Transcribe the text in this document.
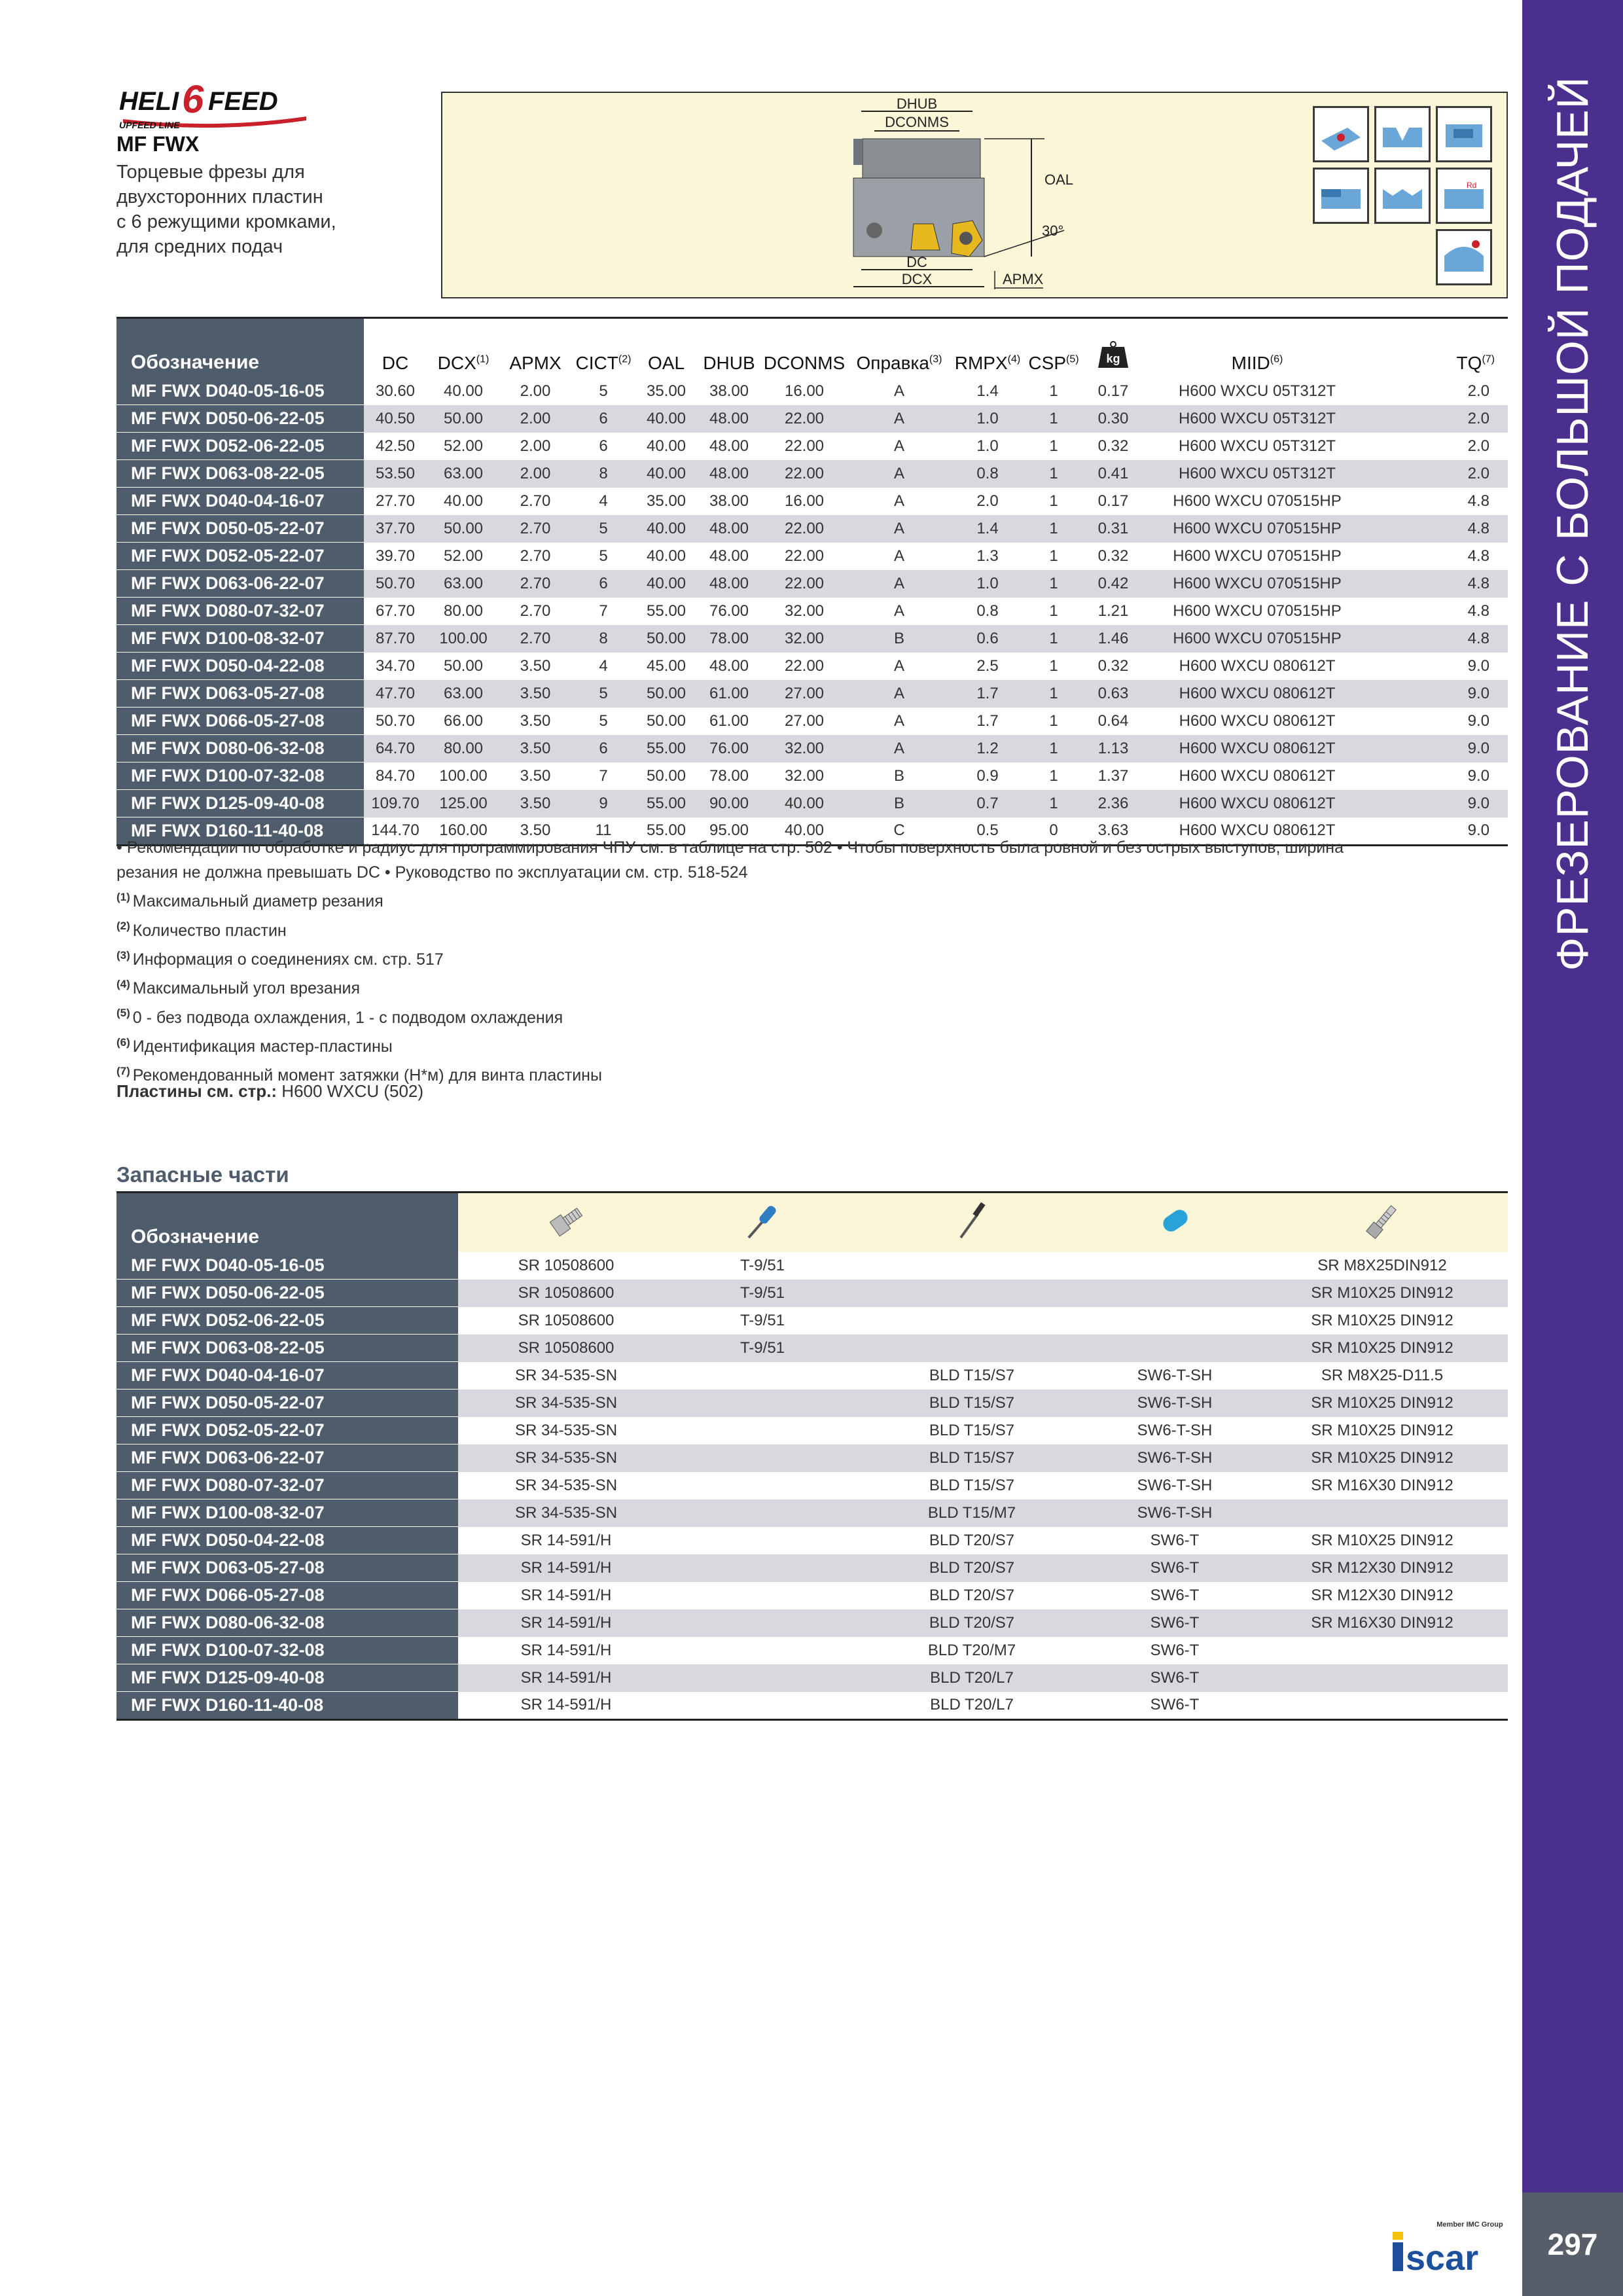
ФРЕЗЕРОВАНИЕ С БОЛЬШОЙ ПОДАЧЕЙ
297
HELI 6 FEED
UPFEED LINE
MF FWX
Торцевые фрезы для
двухсторонних пластин
с 6 режущими кромками,
для средних подач
DHUB
DCONMS
OAL
30°
DC
DCX	APMX
Rd
Обозначение	DC	DCX$^{(1)}$	APMX	CICT$^{(2)}$	OAL	DHUB	DCONMS	Оправка$^{(3)}$	RMPX$^{(4)}$	CSP$^{(5)}$	kg	MIID$^{(6)}$	TQ$^{(7)}$
MF FWX D040-05-16-05	30.60	40.00	2.00	5	35.00	38.00	16.00	A	1.4	1	0.17	H600 WXCU 05T312T	2.0
MF FWX D050-06-22-05	40.50	50.00	2.00	6	40.00	48.00	22.00	A	1.0	1	0.30	H600 WXCU 05T312T	2.0
MF FWX D052-06-22-05	42.50	52.00	2.00	6	40.00	48.00	22.00	A	1.0	1	0.32	H600 WXCU 05T312T	2.0
MF FWX D063-08-22-05	53.50	63.00	2.00	8	40.00	48.00	22.00	A	0.8	1	0.41	H600 WXCU 05T312T	2.0
MF FWX D040-04-16-07	27.70	40.00	2.70	4	35.00	38.00	16.00	A	2.0	1	0.17	H600 WXCU 070515HP	4.8
MF FWX D050-05-22-07	37.70	50.00	2.70	5	40.00	48.00	22.00	A	1.4	1	0.31	H600 WXCU 070515HP	4.8
MF FWX D052-05-22-07	39.70	52.00	2.70	5	40.00	48.00	22.00	A	1.3	1	0.32	H600 WXCU 070515HP	4.8
MF FWX D063-06-22-07	50.70	63.00	2.70	6	40.00	48.00	22.00	A	1.0	1	0.42	H600 WXCU 070515HP	4.8
MF FWX D080-07-32-07	67.70	80.00	2.70	7	55.00	76.00	32.00	A	0.8	1	1.21	H600 WXCU 070515HP	4.8
MF FWX D100-08-32-07	87.70	100.00	2.70	8	50.00	78.00	32.00	B	0.6	1	1.46	H600 WXCU 070515HP	4.8
MF FWX D050-04-22-08	34.70	50.00	3.50	4	45.00	48.00	22.00	A	2.5	1	0.32	H600 WXCU 080612T	9.0
MF FWX D063-05-27-08	47.70	63.00	3.50	5	50.00	61.00	27.00	A	1.7	1	0.63	H600 WXCU 080612T	9.0
MF FWX D066-05-27-08	50.70	66.00	3.50	5	50.00	61.00	27.00	A	1.7	1	0.64	H600 WXCU 080612T	9.0
MF FWX D080-06-32-08	64.70	80.00	3.50	6	55.00	76.00	32.00	A	1.2	1	1.13	H600 WXCU 080612T	9.0
MF FWX D100-07-32-08	84.70	100.00	3.50	7	50.00	78.00	32.00	B	0.9	1	1.37	H600 WXCU 080612T	9.0
MF FWX D125-09-40-08	109.70	125.00	3.50	9	55.00	90.00	40.00	B	0.7	1	2.36	H600 WXCU 080612T	9.0
MF FWX D160-11-40-08	144.70	160.00	3.50	11	55.00	95.00	40.00	C	0.5	0	3.63	H600 WXCU 080612T	9.0
• Рекомендации по обработке и радиус для программирования ЧПУ см. в таблице на стр. 502 • Чтобы поверхность была ровной и без острых выступов, ширина
резания не должна превышать DC • Руководство по эксплуатации см. стр. 518-524
$^{(1)}$ Максимальный диаметр резания
$^{(2)}$ Количество пластин
$^{(3)}$ Информация о соединениях см. стр. 517
$^{(4)}$ Максимальный угол врезания
$^{(5)}$ 0 - без подвода охлаждения, 1 - с подводом охлаждения
$^{(6)}$ Идентификация мастер-пластины
$^{(7)}$ Рекомендованный момент затяжки (Н*м) для винта пластины
Пластины см. стр.: H600 WXCU (502)
Запасные части
Обозначение					
MF FWX D040-05-16-05	SR 10508600	T-9/51			SR M8X25DIN912
MF FWX D050-06-22-05	SR 10508600	T-9/51			SR M10X25 DIN912
MF FWX D052-06-22-05	SR 10508600	T-9/51			SR M10X25 DIN912
MF FWX D063-08-22-05	SR 10508600	T-9/51			SR M10X25 DIN912
MF FWX D040-04-16-07	SR 34-535-SN		BLD T15/S7	SW6-T-SH	SR M8X25-D11.5
MF FWX D050-05-22-07	SR 34-535-SN		BLD T15/S7	SW6-T-SH	SR M10X25 DIN912
MF FWX D052-05-22-07	SR 34-535-SN		BLD T15/S7	SW6-T-SH	SR M10X25 DIN912
MF FWX D063-06-22-07	SR 34-535-SN		BLD T15/S7	SW6-T-SH	SR M10X25 DIN912
MF FWX D080-07-32-07	SR 34-535-SN		BLD T15/S7	SW6-T-SH	SR M16X30 DIN912
MF FWX D100-08-32-07	SR 34-535-SN		BLD T15/M7	SW6-T-SH	
MF FWX D050-04-22-08	SR 14-591/H		BLD T20/S7	SW6-T	SR M10X25 DIN912
MF FWX D063-05-27-08	SR 14-591/H		BLD T20/S7	SW6-T	SR M12X30 DIN912
MF FWX D066-05-27-08	SR 14-591/H		BLD T20/S7	SW6-T	SR M12X30 DIN912
MF FWX D080-06-32-08	SR 14-591/H		BLD T20/S7	SW6-T	SR M16X30 DIN912
MF FWX D100-07-32-08	SR 14-591/H		BLD T20/M7	SW6-T	
MF FWX D125-09-40-08	SR 14-591/H		BLD T20/L7	SW6-T	
MF FWX D160-11-40-08	SR 14-591/H		BLD T20/L7	SW6-T	
Member IMC Group
scar
